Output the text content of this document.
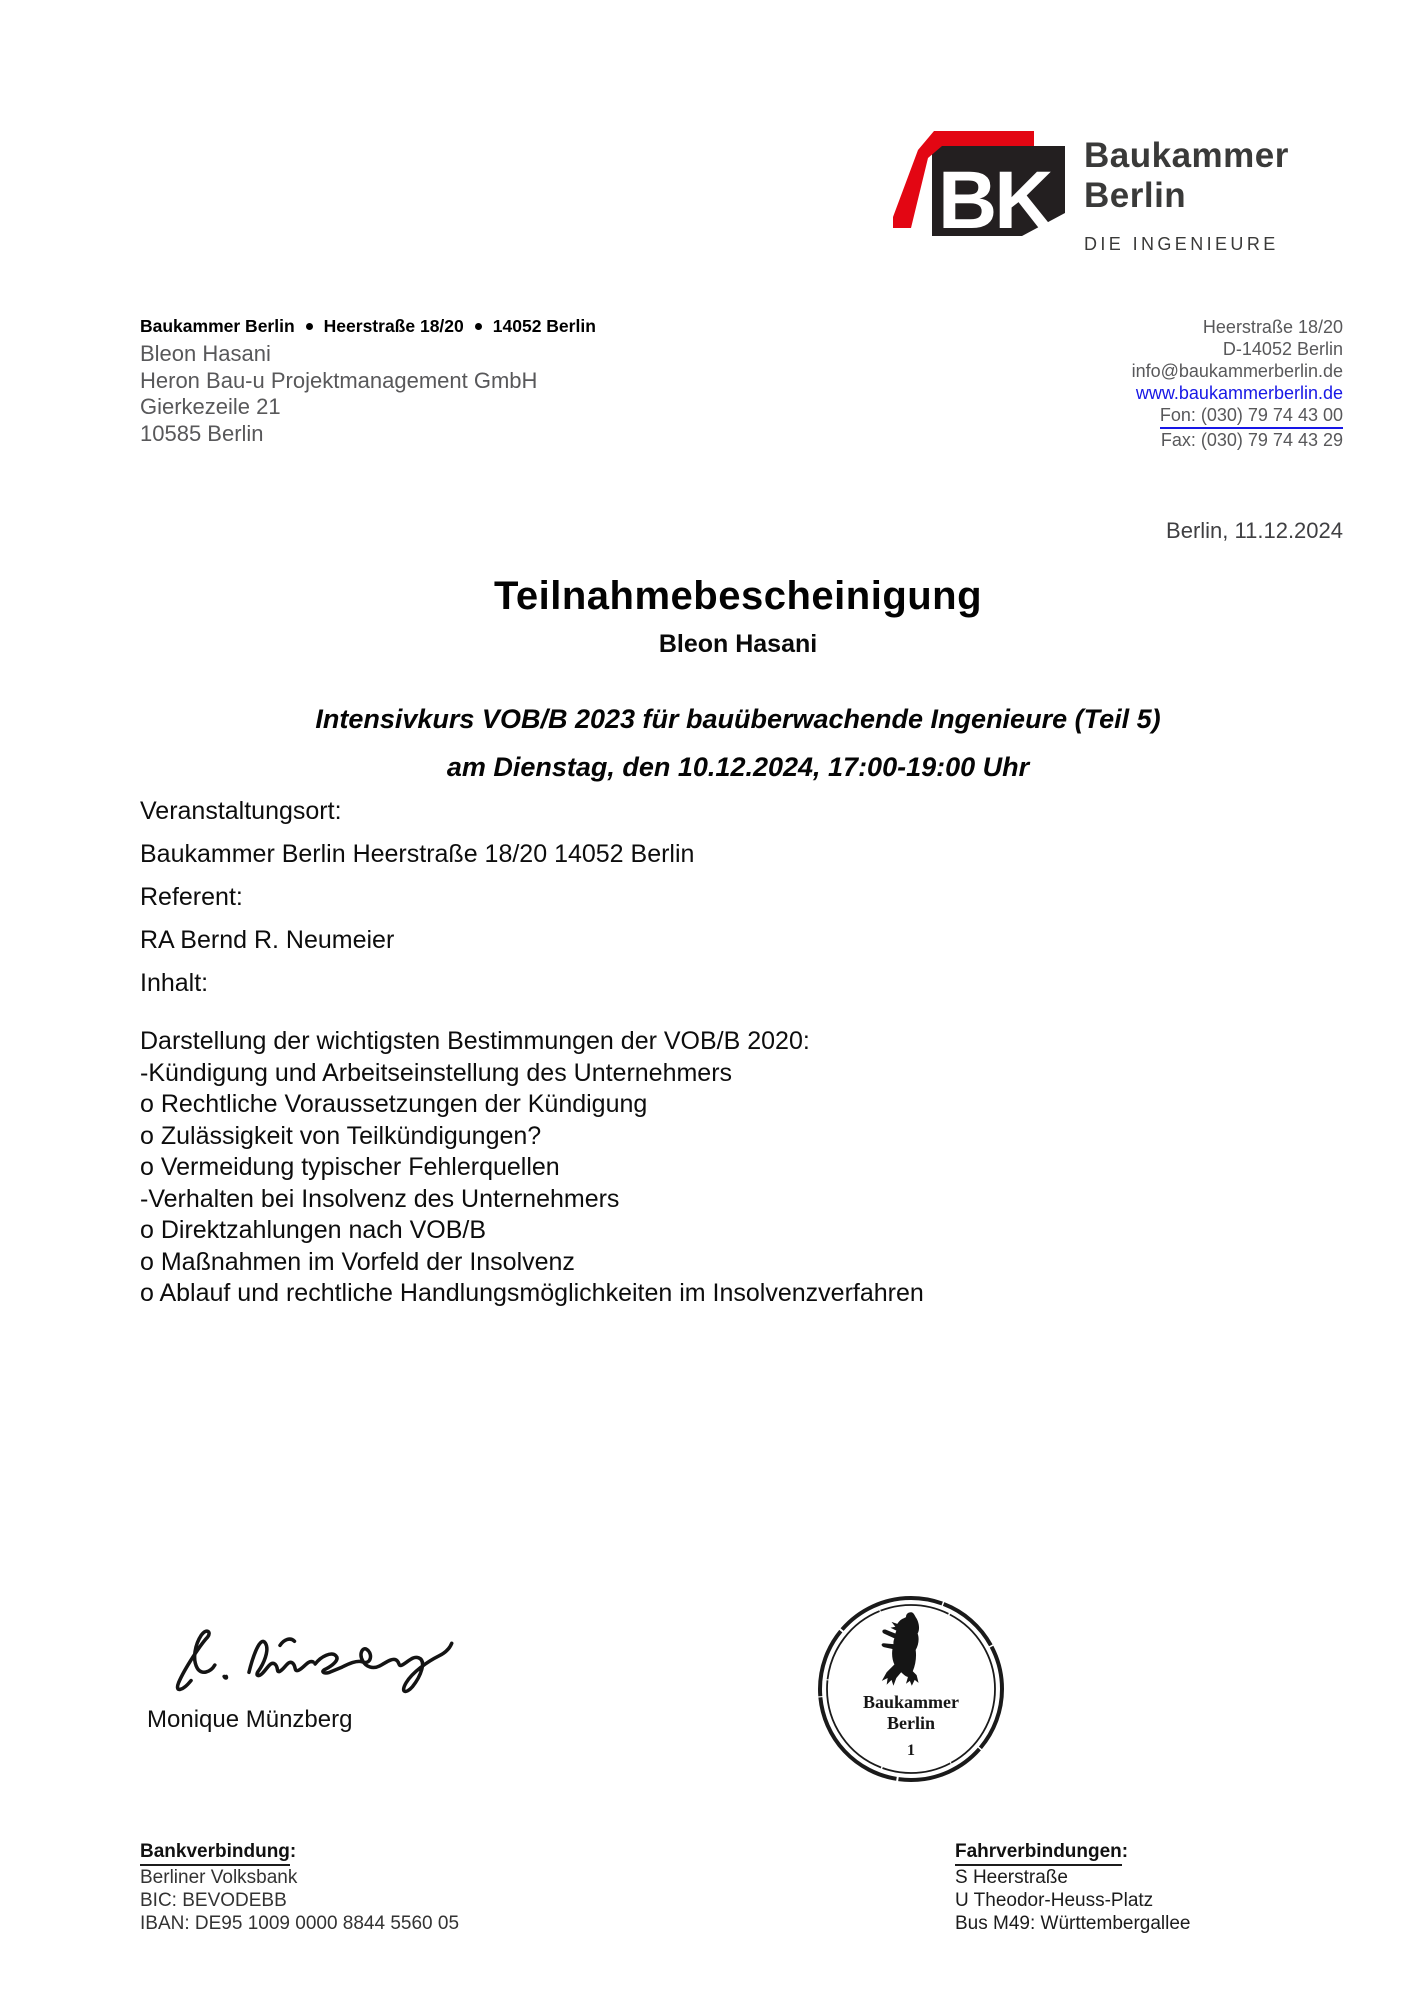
BK Baukammer
Berlin
DIE INGENIEURE
Baukammer Berlin Heerstraße 18/20 14052 Berlin
Bleon Hasani
Heron Bau-u Projektmanagement GmbH
Gierkezeile 21
10585 Berlin
Heerstraße 18/20
D-14052 Berlin
info@baukammerberlin.de
www.baukammerberlin.de
Fon: (030) 79 74 43 00
Fax: (030) 79 74 43 29
Berlin, 11.12.2024
Teilnahmebescheinigung
Bleon Hasani
Intensivkurs VOB/B 2023 für bauüberwachende Ingenieure (Teil 5)
am Dienstag, den 10.12.2024, 17:00-19:00 Uhr
Veranstaltungsort:
Baukammer Berlin Heerstraße 18/20 14052 Berlin
Referent:
RA Bernd R. Neumeier
Inhalt:
Darstellung der wichtigsten Bestimmungen der VOB/B 2020:
-Kündigung und Arbeitseinstellung des Unternehmers
o Rechtliche Voraussetzungen der Kündigung
o Zulässigkeit von Teilkündigungen?
o Vermeidung typischer Fehlerquellen
-Verhalten bei Insolvenz des Unternehmers
o Direktzahlungen nach VOB/B
o Maßnahmen im Vorfeld der Insolvenz
o Ablauf und rechtliche Handlungsmöglichkeiten im Insolvenzverfahren
Monique Münzberg
Baukammer
Berlin
1
Bankverbindung:
Berliner Volksbank
BIC: BEVODEBB
IBAN: DE95 1009 0000 8844 5560 05
Fahrverbindungen:
S Heerstraße
U Theodor-Heuss-Platz
Bus M49: Württembergallee
